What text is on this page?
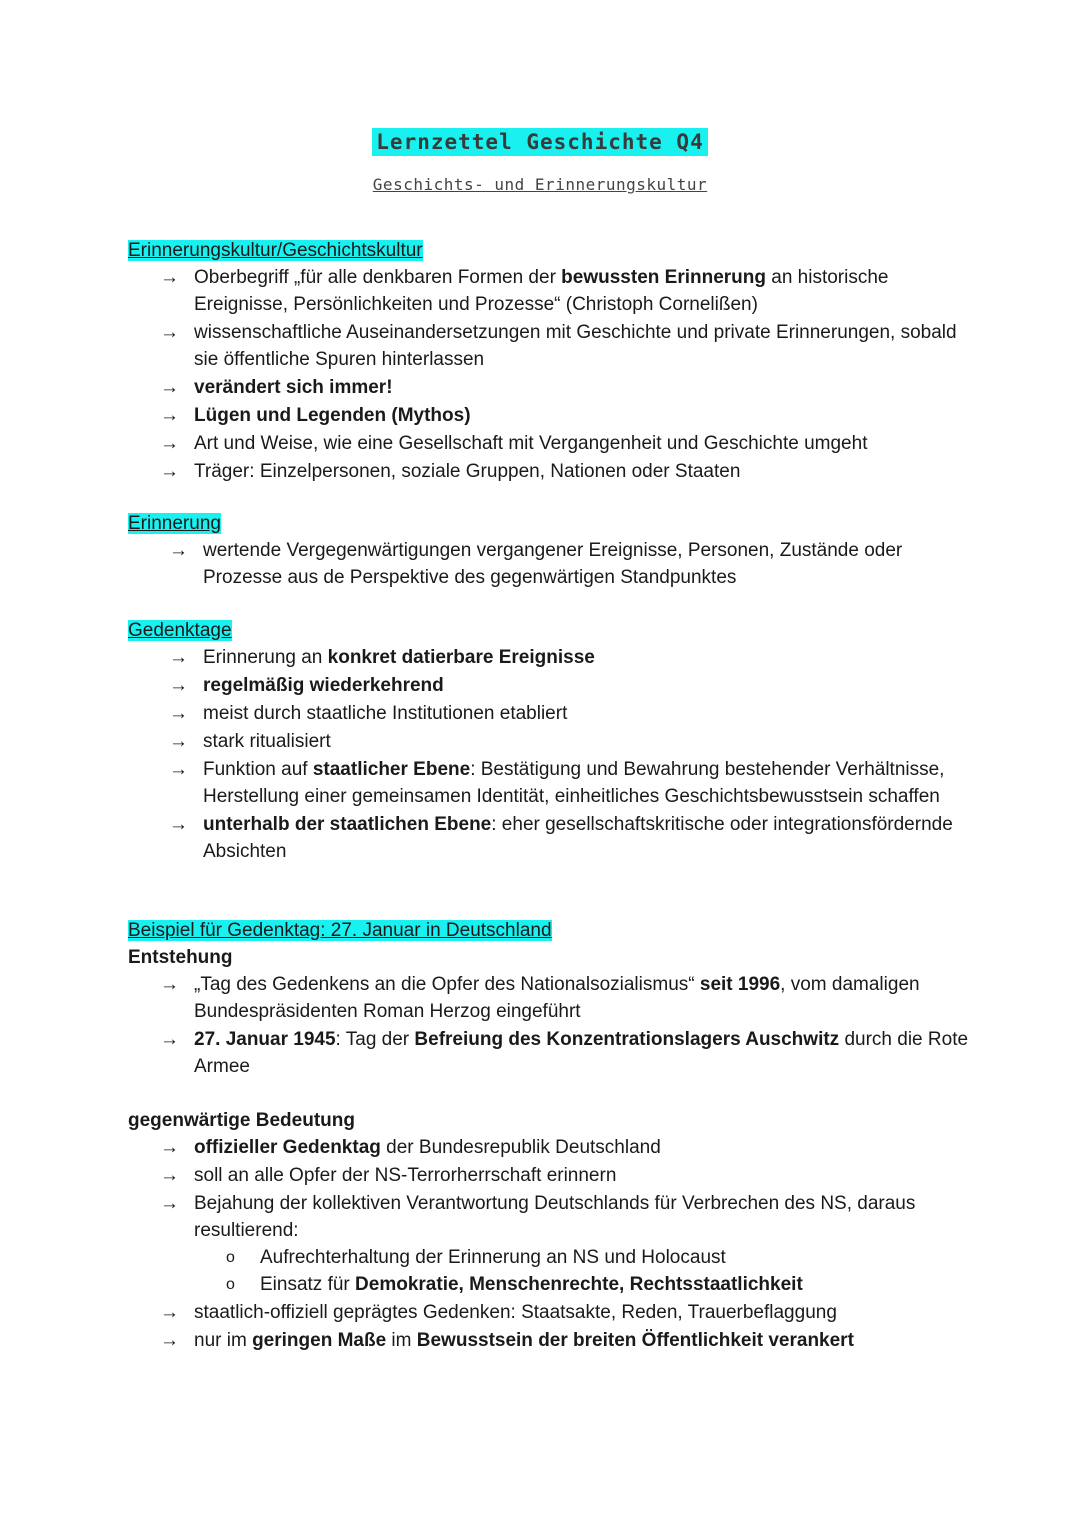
Lernzettel Geschichte Q4
Geschichts- und Erinnerungskultur
Erinnerungskultur/Geschichtskultur
→ Oberbegriff „für alle denkbaren Formen der bewussten Erinnerung an historische Ereignisse, Persönlichkeiten und Prozesse“ (Christoph Cornelißen)
→ wissenschaftliche Auseinandersetzungen mit Geschichte und private Erinnerungen, sobald sie öffentliche Spuren hinterlassen
→ verändert sich immer!
→ Lügen und Legenden (Mythos)
→ Art und Weise, wie eine Gesellschaft mit Vergangenheit und Geschichte umgeht
→ Träger: Einzelpersonen, soziale Gruppen, Nationen oder Staaten
Erinnerung
→ wertende Vergegenwärtigungen vergangener Ereignisse, Personen, Zustände oder Prozesse aus de Perspektive des gegenwärtigen Standpunktes
Gedenktage
→ Erinnerung an konkret datierbare Ereignisse
→ regelmäßig wiederkehrend
→ meist durch staatliche Institutionen etabliert
→ stark ritualisiert
→ Funktion auf staatlicher Ebene: Bestätigung und Bewahrung bestehender Verhältnisse, Herstellung einer gemeinsamen Identität, einheitliches Geschichtsbewusstsein schaffen
→ unterhalb der staatlichen Ebene: eher gesellschaftskritische oder integrationsfördernde Absichten
Beispiel für Gedenktag: 27. Januar in Deutschland
Entstehung
→ „Tag des Gedenkens an die Opfer des Nationalsozialismus“ seit 1996, vom damaligen Bundespräsidenten Roman Herzog eingeführt
→ 27. Januar 1945: Tag der Befreiung des Konzentrationslagers Auschwitz durch die Rote Armee
gegenwärtige Bedeutung
→ offizieller Gedenktag der Bundesrepublik Deutschland
→ soll an alle Opfer der NS-Terrorherrschaft erinnern
→ Bejahung der kollektiven Verantwortung Deutschlands für Verbrechen des NS, daraus resultierend:
o Aufrechterhaltung der Erinnerung an NS und Holocaust
o Einsatz für Demokratie, Menschenrechte, Rechtsstaatlichkeit
→ staatlich-offiziell geprägtes Gedenken: Staatsakte, Reden, Trauerbeflaggung
→ nur im geringen Maße im Bewusstsein der breiten Öffentlichkeit verankert
